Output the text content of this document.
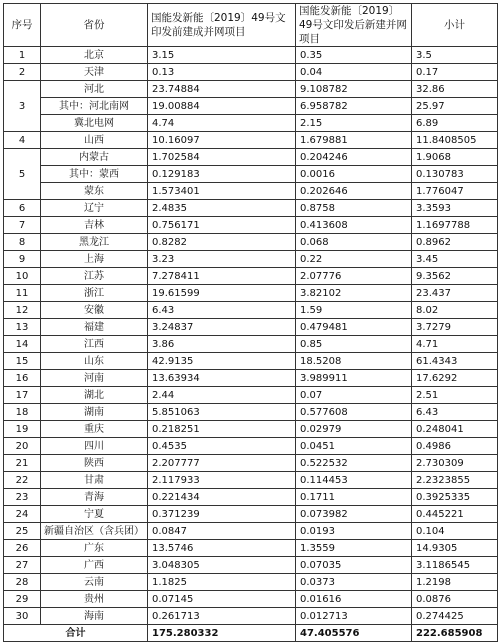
序号	省份	国能发新能〔2019〕49号文印发前建成并网项目	国能发新能〔2019〕49号文印发后新建并网项目	小计
1	北京	3.15	0.35	3.5
2	天津	0.13	0.04	0.17
3	河北	23.74884	9.108782	32.86
	其中：河北南网	19.00884	6.958782	25.97
	冀北电网	4.74	2.15	6.89
4	山西	10.16097	1.679881	11.8408505
5	内蒙古	1.702584	0.204246	1.9068
	其中：蒙西	0.129183	0.0016	0.130783
	蒙东	1.573401	0.202646	1.776047
6	辽宁	2.4835	0.8758	3.3593
7	吉林	0.756171	0.413608	1.1697788
8	黑龙江	0.8282	0.068	0.8962
9	上海	3.23	0.22	3.45
10	江苏	7.278411	2.07776	9.3562
11	浙江	19.61599	3.82102	23.437
12	安徽	6.43	1.59	8.02
13	福建	3.24837	0.479481	3.7279
14	江西	3.86	0.85	4.71
15	山东	42.9135	18.5208	61.4343
16	河南	13.63934	3.989911	17.6292
17	湖北	2.44	0.07	2.51
18	湖南	5.851063	0.577608	6.43
19	重庆	0.218251	0.02979	0.248041
20	四川	0.4535	0.0451	0.4986
21	陕西	2.207777	0.522532	2.730309
22	甘肃	2.117933	0.114453	2.2323855
23	青海	0.221434	0.1711	0.3925335
24	宁夏	0.371239	0.073982	0.445221
25	新疆自治区（含兵团）	0.0847	0.0193	0.104
26	广东	13.5746	1.3559	14.9305
27	广西	3.048305	0.07035	3.1186545
28	云南	1.1825	0.0373	1.2198
29	贵州	0.07145	0.01616	0.0876
30	海南	0.261713	0.012713	0.274425
合计		175.280332	47.405576	222.685908
